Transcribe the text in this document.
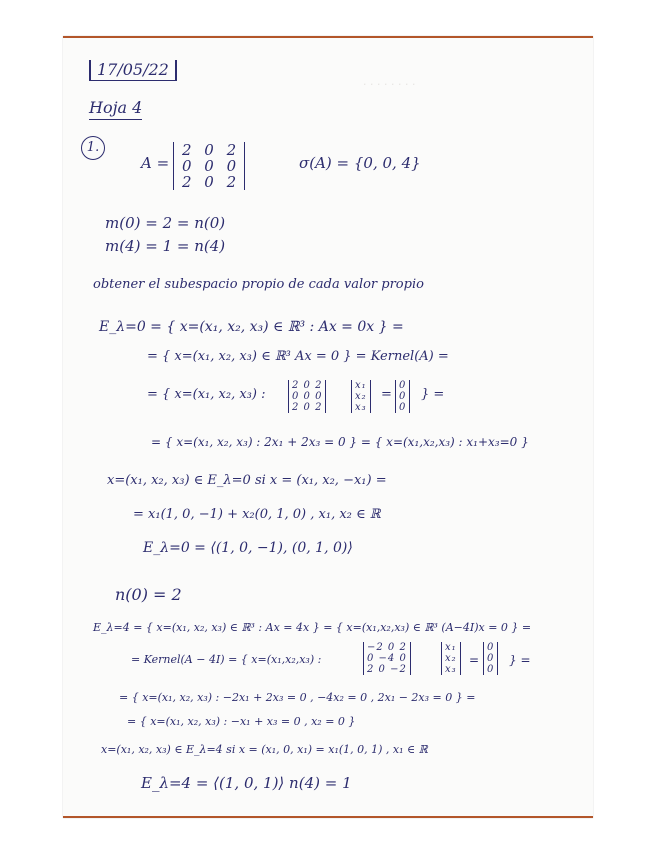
· · · · · · · ·
17/05/22
Hoja 4
1.
A =
2 0 2
0 0 0
2 0 2
σ(A) = {0, 0, 4}
m(0) = 2 = n(0)
m(4) = 1 = n(4)
obtener el subespacio propio de cada valor propio
E_λ=0 = { x=(x₁, x₂, x₃) ∈ ℝ³ : Ax = 0x } =
= { x=(x₁, x₂, x₃) ∈ ℝ³ Ax = 0 } = Kernel(A) =
= { x=(x₁, x₂, x₃) :
2 0 2
0 0 0
2 0 2
x₁
x₂
x₃
=
0
0
0
} =
= { x=(x₁, x₂, x₃) : 2x₁ + 2x₃ = 0 } = { x=(x₁,x₂,x₃) : x₁+x₃=0 }
x=(x₁, x₂, x₃) ∈ E_λ=0 si x = (x₁, x₂, −x₁) =
= x₁(1, 0, −1) + x₂(0, 1, 0) , x₁, x₂ ∈ ℝ
E_λ=0 = ⟨(1, 0, −1), (0, 1, 0)⟩
n(0) = 2
E_λ=4 = { x=(x₁, x₂, x₃) ∈ ℝ³ : Ax = 4x } = { x=(x₁,x₂,x₃) ∈ ℝ³ (A−4I)x = 0 } =
= Kernel(A − 4I) = { x=(x₁,x₂,x₃) :
−2 0 2
0 −4 0
2 0 −2
x₁
x₂
x₃
=
0
0
0
} =
= { x=(x₁, x₂, x₃) : −2x₁ + 2x₃ = 0 , −4x₂ = 0 , 2x₁ − 2x₃ = 0 } =
= { x=(x₁, x₂, x₃) : −x₁ + x₃ = 0 , x₂ = 0 }
x=(x₁, x₂, x₃) ∈ E_λ=4 si x = (x₁, 0, x₁) = x₁(1, 0, 1) , x₁ ∈ ℝ
E_λ=4 = ⟨(1, 0, 1)⟩ n(4) = 1
